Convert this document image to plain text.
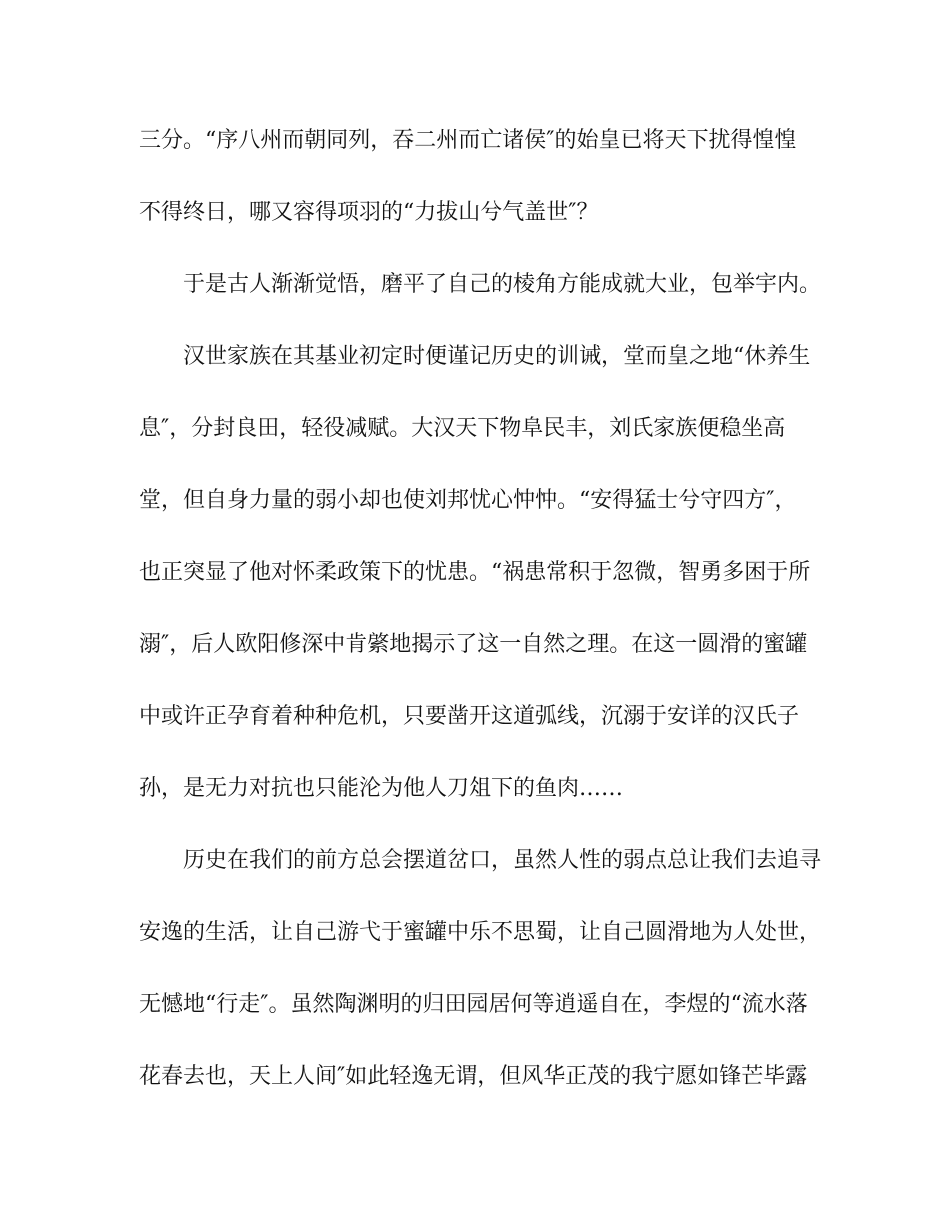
三分。“序八州而朝同列，吞二州而亡诸侯″的始皇已将天下扰得惶惶
不得终日，哪又容得项羽的“力拔山兮气盖世″？
于是古人渐渐觉悟，磨平了自己的棱角方能成就大业，包举宇内。
汉世家族在其基业初定时便谨记历史的训诫，堂而皇之地“休养生
息″，分封良田，轻役减赋。大汉天下物阜民丰，刘氏家族便稳坐高
堂，但自身力量的弱小却也使刘邦忧心忡忡。“安得猛士兮守四方″，
也正突显了他对怀柔政策下的忧患。“祸患常积于忽微，智勇多困于所
溺″，后人欧阳修深中肯綮地揭示了这一自然之理。在这一圆滑的蜜罐
中或许正孕育着种种危机，只要凿开这道弧线，沉溺于安详的汉氏子
孙，是无力对抗也只能沦为他人刀俎下的鱼肉……
历史在我们的前方总会摆道岔口，虽然人性的弱点总让我们去追寻
安逸的生活，让自己游弋于蜜罐中乐不思蜀，让自己圆滑地为人处世，
无憾地“行走″。虽然陶渊明的归田园居何等逍遥自在，李煜的“流水落
花春去也，天上人间″如此轻逸无谓，但风华正茂的我宁愿如锋芒毕露
